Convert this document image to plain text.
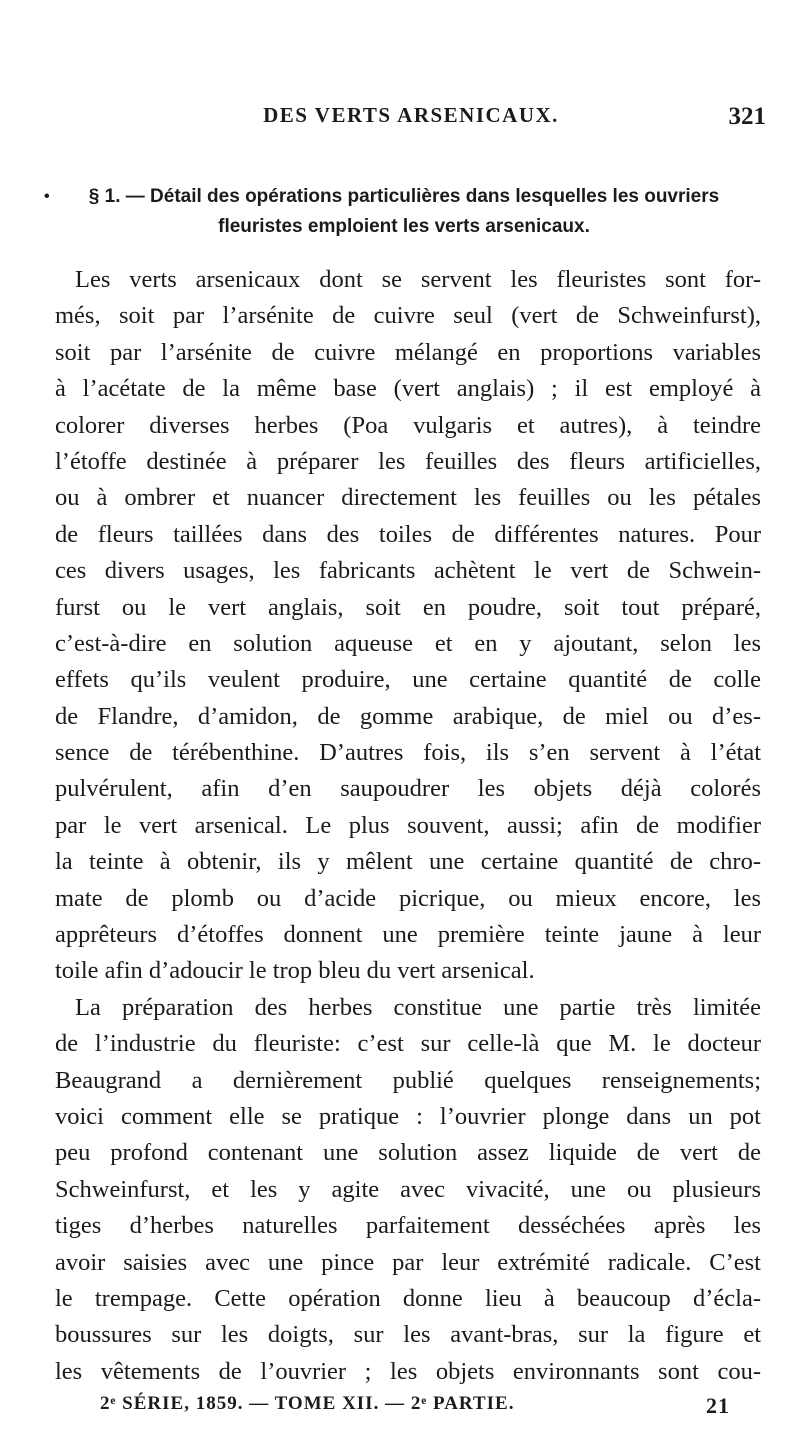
DES VERTS ARSENICAUX.	321
•	§ 1. — Détail des opérations particulières dans lesquelles les ouvriers
fleuristes emploient les verts arsenicaux.
Les verts arsenicaux dont se servent les fleuristes sont for-
més, soit par l’arsénite de cuivre seul (vert de Schweinfurst),
soit par l’arsénite de cuivre mélangé en proportions variables
à l’acétate de la même base (vert anglais) ; il est employé à
colorer diverses herbes (Poa vulgaris et autres), à teindre
l’étoffe destinée à préparer les feuilles des fleurs artificielles,
ou à ombrer et nuancer directement les feuilles ou les pétales
de fleurs taillées dans des toiles de différentes natures. Pour
ces divers usages, les fabricants achètent le vert de Schwein-
furst ou le vert anglais, soit en poudre, soit tout préparé,
c’est-à-dire en solution aqueuse et en y ajoutant, selon les
effets qu’ils veulent produire, une certaine quantité de colle
de Flandre, d’amidon, de gomme arabique, de miel ou d’es-
sence de térébenthine. D’autres fois, ils s’en servent à l’état
pulvérulent, afin d’en saupoudrer les objets déjà colorés
par le vert arsenical. Le plus souvent, aussi; afin de modifier
la teinte à obtenir, ils y mêlent une certaine quantité de chro-
mate de plomb ou d’acide picrique, ou mieux encore, les
apprêteurs d’étoffes donnent une première teinte jaune à leur
toile afin d’adoucir le trop bleu du vert arsenical.
La préparation des herbes constitue une partie très limitée
de l’industrie du fleuriste: c’est sur celle-là que M. le docteur
Beaugrand a dernièrement publié quelques renseignements;
voici comment elle se pratique : l’ouvrier plonge dans un pot
peu profond contenant une solution assez liquide de vert de
Schweinfurst, et les y agite avec vivacité, une ou plusieurs
tiges d’herbes naturelles parfaitement desséchées après les
avoir saisies avec une pince par leur extrémité radicale. C’est
le trempage. Cette opération donne lieu à beaucoup d’écla-
boussures sur les doigts, sur les avant-bras, sur la figure et
les vêtements de l’ouvrier ; les objets environnants sont cou-
2ᵉ SÉRIE, 1859. — TOME XII. — 2ᵉ PARTIE.	21
